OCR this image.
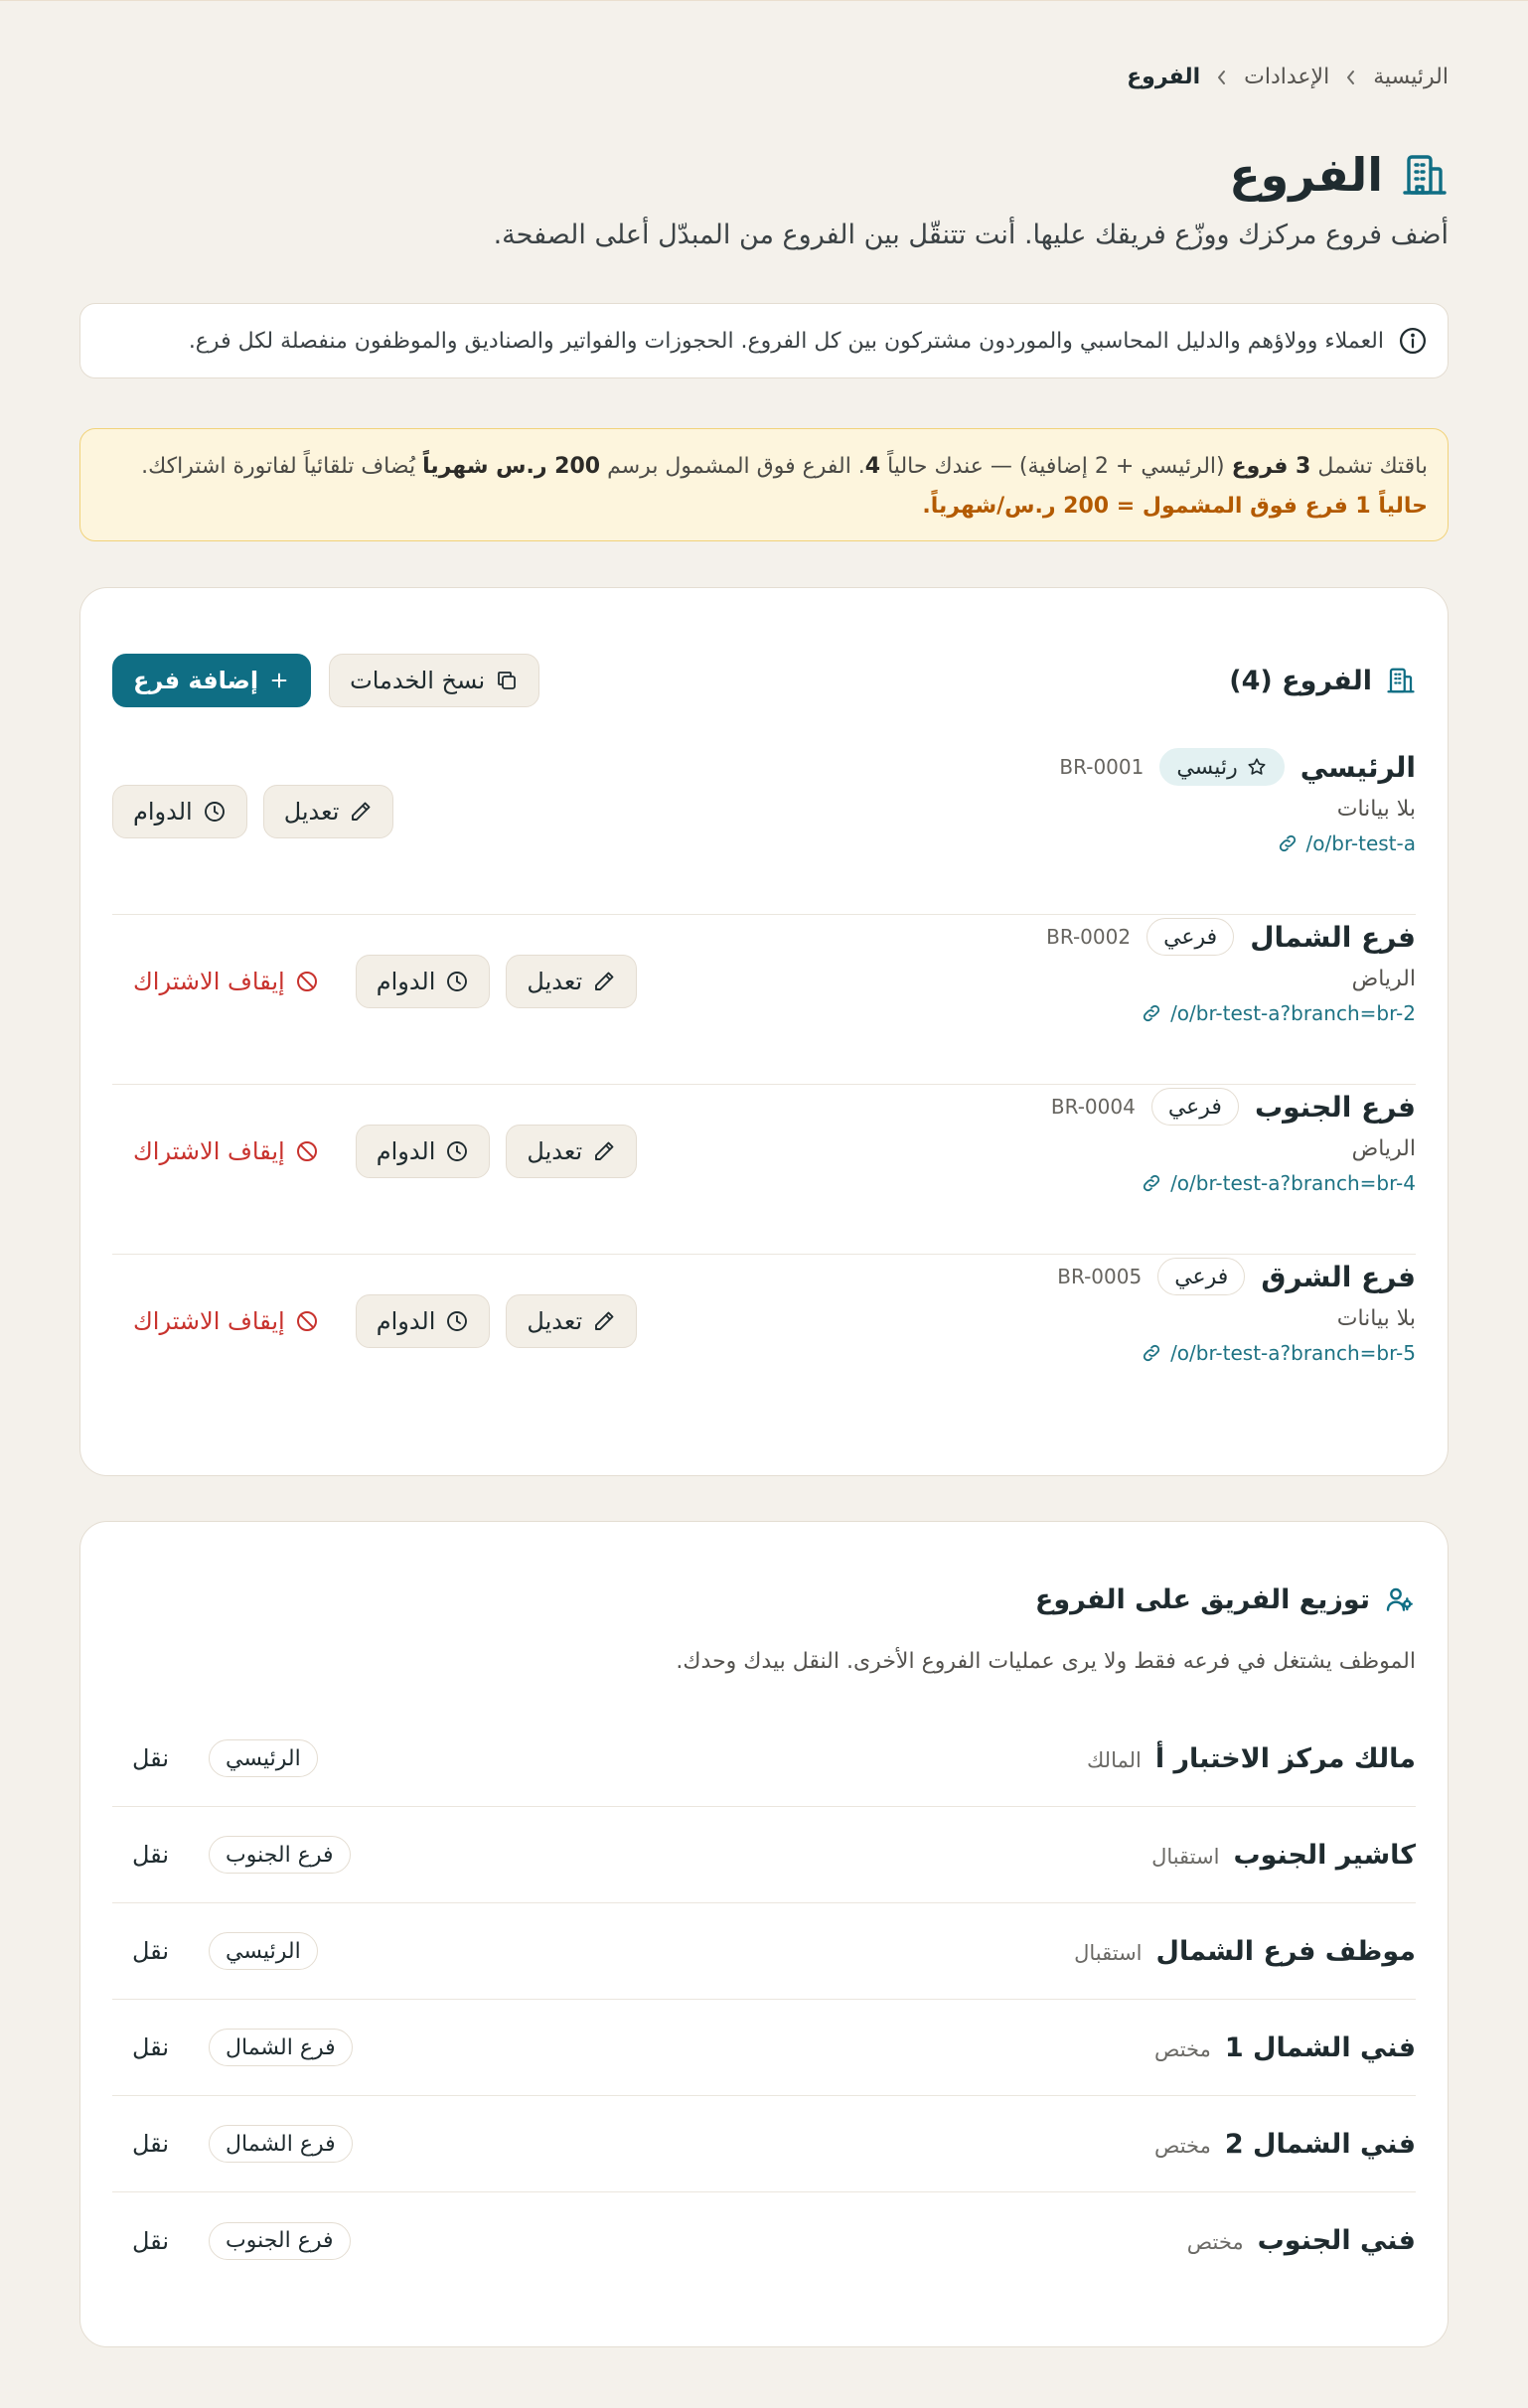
الرئيسية
الإعدادات
الفروع
الفروع

أضف فروع مركزك ووزّع فريقك عليها. أنت تتنقّل بين الفروع من المبدّل أعلى الصفحة.

العملاء وولاؤهم والدليل المحاسبي والموردون مشتركون بين كل الفروع. الحجوزات والفواتير والصناديق والموظفون منفصلة لكل فرع.
باقتك تشمل 3 فروع (الرئيسي + 2 إضافية) — عندك حالياً 4. الفرع فوق المشمول برسم 200 ر.س شهرياً يُضاف تلقائياً لفاتورة اشتراكك. حالياً 1 فرع فوق المشمول = 200 ر.س/شهرياً.
الفروع (4)
نسخ الخدمات
إضافة فرع
الرئيسي
رئيسي
BR-0001
بلا بيانات
/o/br-test-a
الدوام	تعديل
فرع الشمال
فرعي
BR-0002
الرياض
/o/br-test-a?branch=br-2
إيقاف الاشتراك	الدوام	تعديل
فرع الجنوب
فرعي
BR-0004
الرياض
/o/br-test-a?branch=br-4
إيقاف الاشتراك	الدوام	تعديل
فرع الشرق
فرعي
BR-0005
بلا بيانات
/o/br-test-a?branch=br-5
إيقاف الاشتراك	الدوام	تعديل
توزيع الفريق على الفروع

الموظف يشتغل في فرعه فقط ولا يرى عمليات الفروع الأخرى. النقل بيدك وحدك.

مالك مركز الاختبار أ
المالك
نقل	الرئيسي
كاشير الجنوب
استقبال
نقل	فرع الجنوب
موظف فرع الشمال
استقبال
نقل	الرئيسي
فني الشمال 1
مختص
نقل	فرع الشمال
فني الشمال 2
مختص
نقل	فرع الشمال
فني الجنوب
مختص
نقل	فرع الجنوب
